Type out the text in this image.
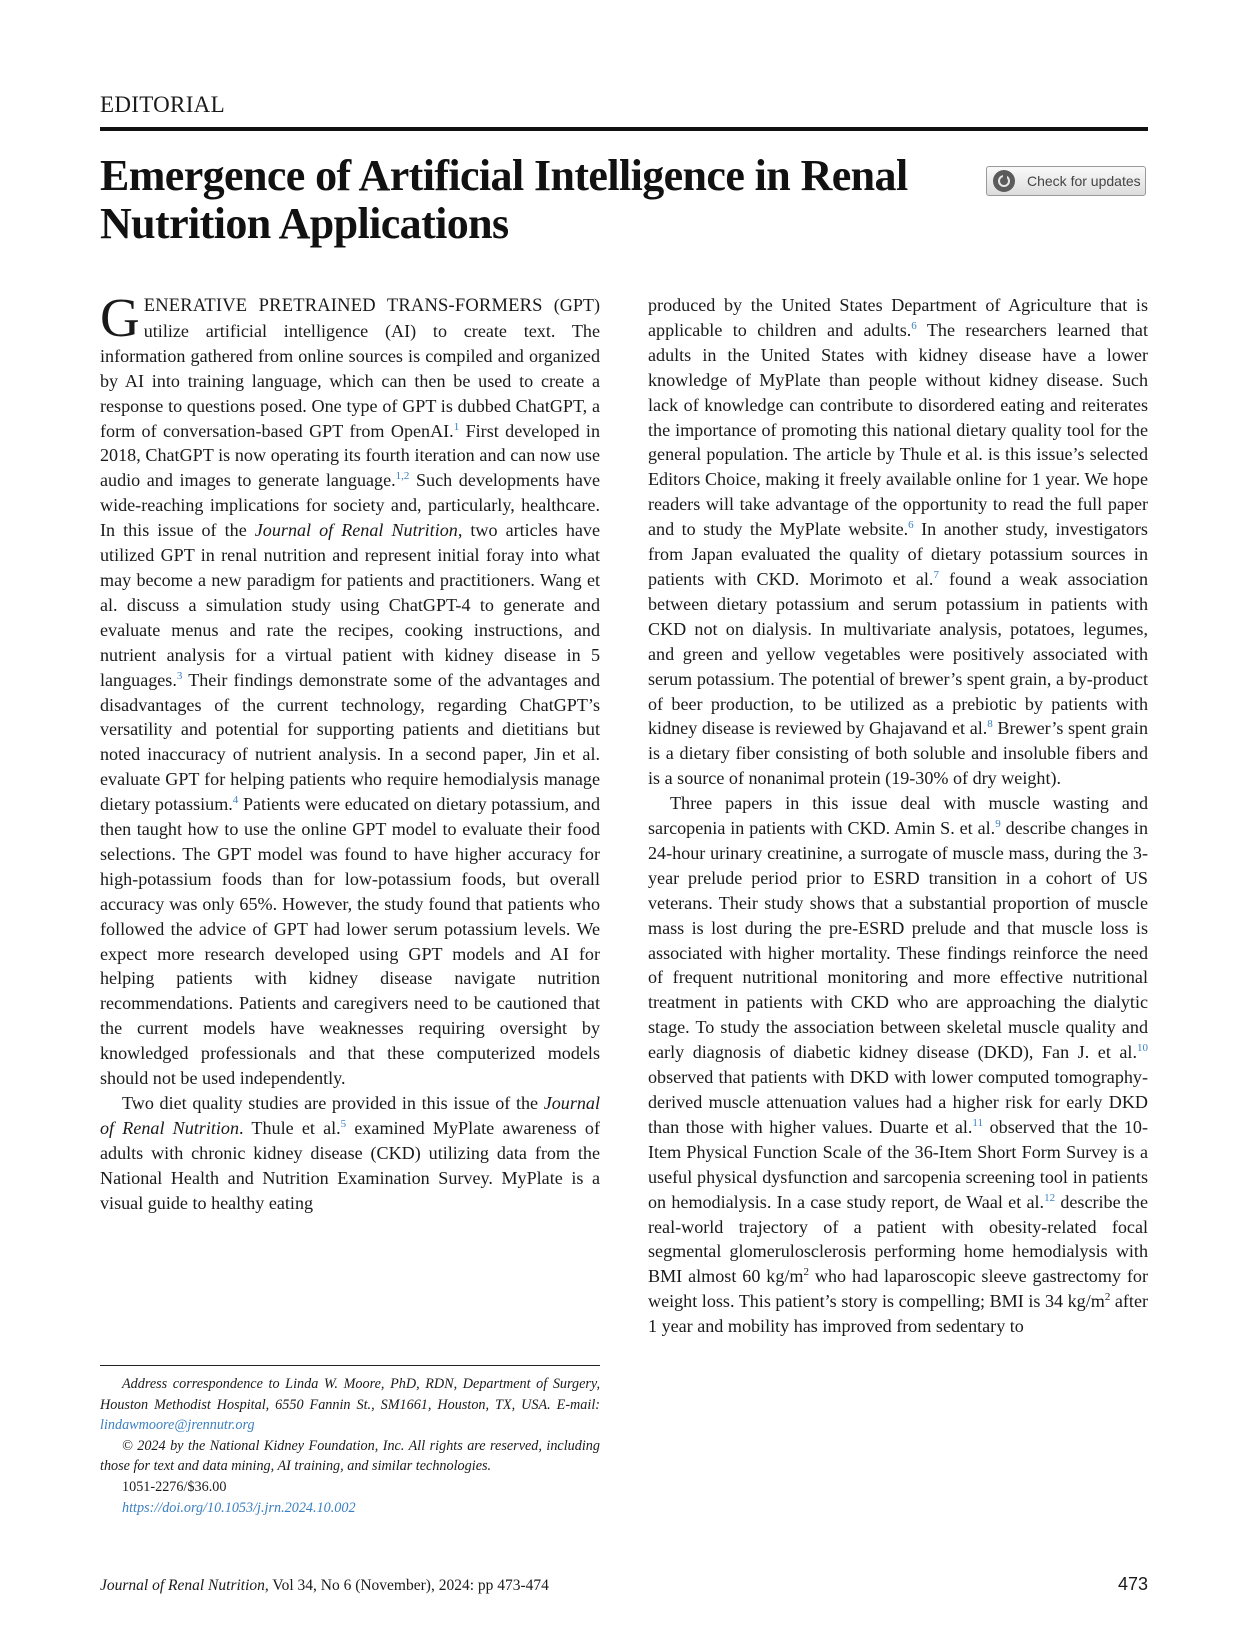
EDITORIAL
Emergence of Artificial Intelligence in Renal Nutrition Applications
Check for updates

GENERATIVE PRETRAINED TRANS-FORMERS (GPT) utilize artificial intelligence (AI) to create text. The information gathered from online sources is compiled and organized by AI into training language, which can then be used to create a response to questions posed. One type of GPT is dubbed ChatGPT, a form of conversation-based GPT from OpenAI.$^1$ First developed in 2018, ChatGPT is now operating its fourth iteration and can now use audio and images to generate language.$^{1,2}$ Such developments have wide-reaching implications for society and, particularly, healthcare. In this issue of the Journal of Renal Nutrition, two articles have utilized GPT in renal nutrition and represent initial foray into what may become a new paradigm for patients and practitioners. Wang et al. discuss a simulation study using ChatGPT-4 to generate and evaluate menus and rate the recipes, cooking instructions, and nutrient analysis for a virtual patient with kidney disease in 5 languages.$^3$ Their findings demonstrate some of the advantages and disadvantages of the current technology, regarding ChatGPT’s versatility and potential for supporting patients and dietitians but noted inaccuracy of nutrient analysis. In a second paper, Jin et al. evaluate GPT for helping patients who require hemodialysis manage dietary potassium.$^4$ Patients were educated on dietary potassium, and then taught how to use the online GPT model to evaluate their food selections. The GPT model was found to have higher accuracy for high-potassium foods than for low-potassium foods, but overall accuracy was only 65%. However, the study found that patients who followed the advice of GPT had lower serum potassium levels. We expect more research developed using GPT models and AI for helping patients with kidney disease navigate nutrition recommendations. Patients and caregivers need to be cautioned that the current models have weaknesses requiring oversight by knowledged professionals and that these computerized models should not be used independently.

Two diet quality studies are provided in this issue of the Journal of Renal Nutrition. Thule et al.$^5$ examined MyPlate awareness of adults with chronic kidney disease (CKD) utilizing data from the National Health and Nutrition Examination Survey. MyPlate is a visual guide to healthy eating

produced by the United States Department of Agriculture that is applicable to children and adults.$^6$ The researchers learned that adults in the United States with kidney disease have a lower knowledge of MyPlate than people without kidney disease. Such lack of knowledge can contribute to disordered eating and reiterates the importance of promoting this national dietary quality tool for the general population. The article by Thule et al. is this issue’s selected Editors Choice, making it freely available online for 1 year. We hope readers will take advantage of the opportunity to read the full paper and to study the MyPlate website.$^6$ In another study, investigators from Japan evaluated the quality of dietary potassium sources in patients with CKD. Morimoto et al.$^7$ found a weak association between dietary potassium and serum potassium in patients with CKD not on dialysis. In multivariate analysis, potatoes, legumes, and green and yellow vegetables were positively associated with serum potassium. The potential of brewer’s spent grain, a by-product of beer production, to be utilized as a prebiotic by patients with kidney disease is reviewed by Ghajavand et al.$^8$ Brewer’s spent grain is a dietary fiber consisting of both soluble and insoluble fibers and is a source of nonanimal protein (19-30% of dry weight).

Three papers in this issue deal with muscle wasting and sarcopenia in patients with CKD. Amin S. et al.$^9$ describe changes in 24-hour urinary creatinine, a surrogate of muscle mass, during the 3-year prelude period prior to ESRD transition in a cohort of US veterans. Their study shows that a substantial proportion of muscle mass is lost during the pre-ESRD prelude and that muscle loss is associated with higher mortality. These findings reinforce the need of frequent nutritional monitoring and more effective nutritional treatment in patients with CKD who are approaching the dialytic stage. To study the association between skeletal muscle quality and early diagnosis of diabetic kidney disease (DKD), Fan J. et al.$^{10}$ observed that patients with DKD with lower computed tomography-derived muscle attenuation values had a higher risk for early DKD than those with higher values. Duarte et al.$^{11}$ observed that the 10-Item Physical Function Scale of the 36-Item Short Form Survey is a useful physical dysfunction and sarcopenia screening tool in patients on hemodialysis. In a case study report, de Waal et al.$^{12}$ describe the real-world trajectory of a patient with obesity-related focal segmental glomerulosclerosis performing home hemodialysis with BMI almost 60 $kg/m^2$ who had laparoscopic sleeve gastrectomy for weight loss. This patient’s story is compelling; BMI is 34 $kg/m^2$ after 1 year and mobility has improved from sedentary to

Address correspondence to Linda W. Moore, PhD, RDN, Department of Surgery, Houston Methodist Hospital, 6550 Fannin St., SM1661, Houston, TX, USA. E-mail: lindawmoore@jrennutr.org

© 2024 by the National Kidney Foundation, Inc. All rights are reserved, including those for text and data mining, AI training, and similar technologies.

1051-2276/$36.00

https://doi.org/10.1053/j.jrn.2024.10.002

Journal of Renal Nutrition, Vol 34, No 6 (November), 2024: pp 473-474	473
